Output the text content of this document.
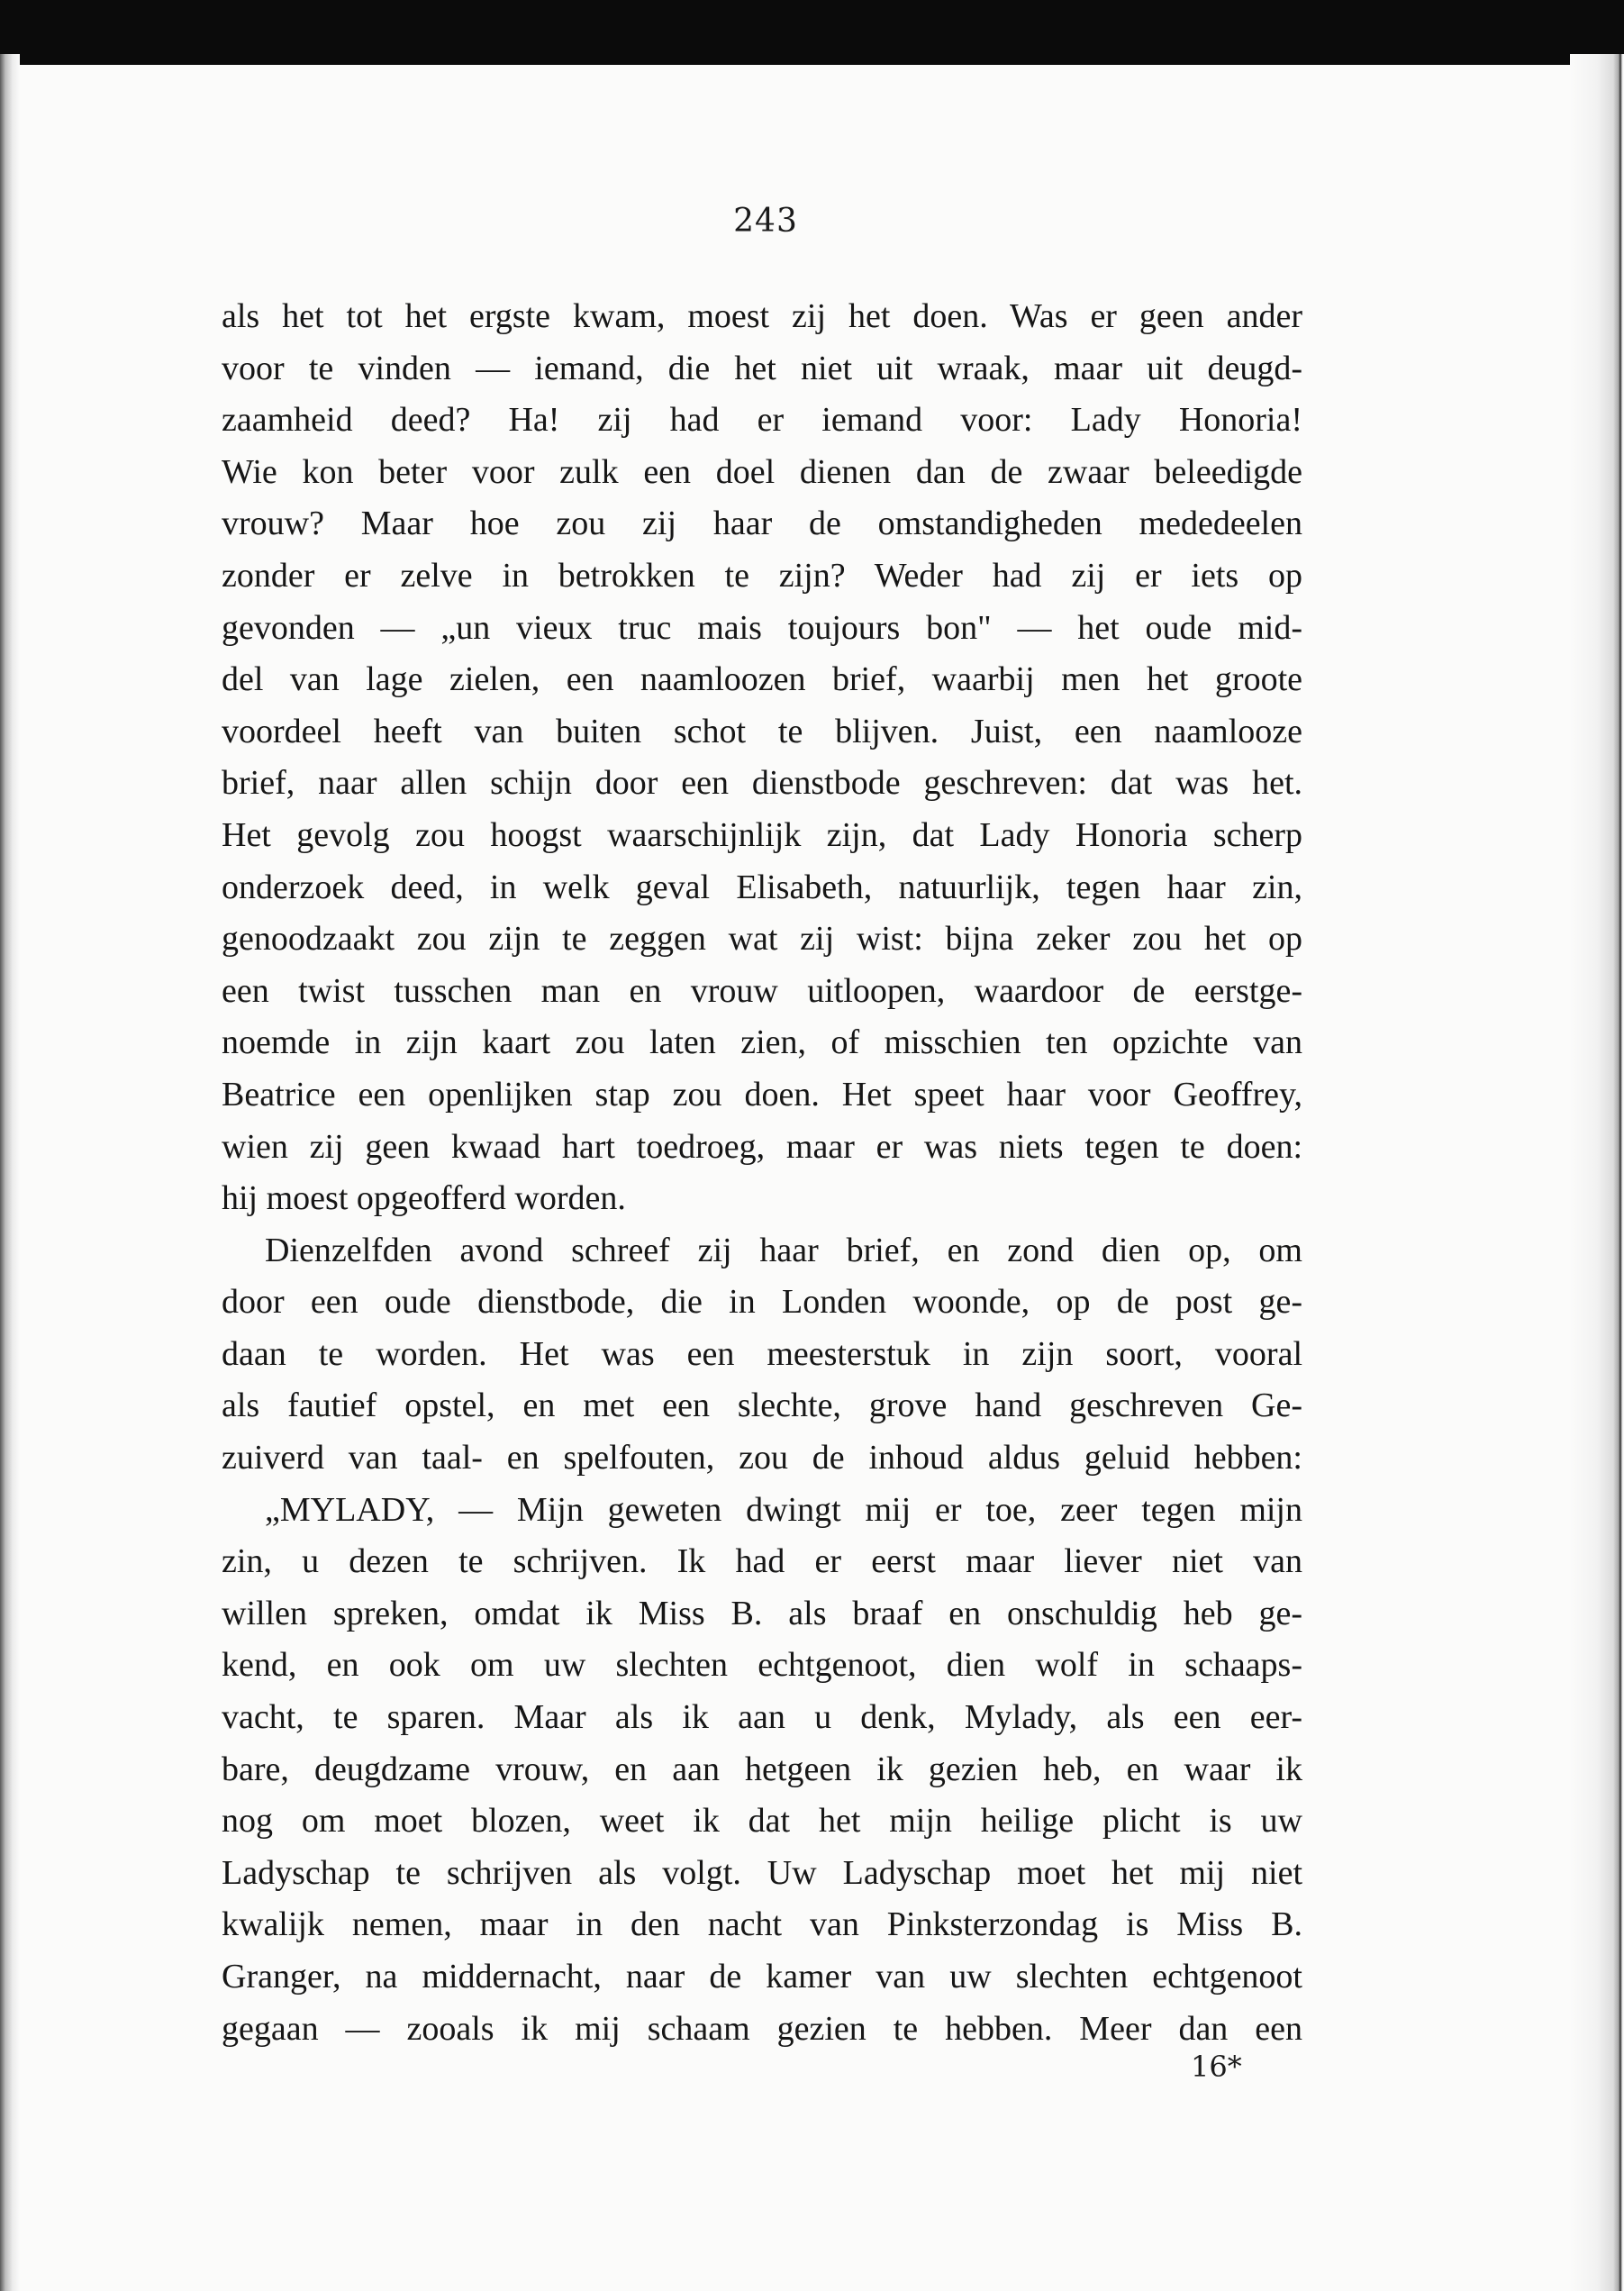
243
als het tot het ergste kwam, moest zij het doen. Was er geen ander
voor te vinden — iemand, die het niet uit wraak, maar uit deugd-
zaamheid deed? Ha! zij had er iemand voor: Lady Honoria!
Wie kon beter voor zulk een doel dienen dan de zwaar beleedigde
vrouw? Maar hoe zou zij haar de omstandigheden mededeelen
zonder er zelve in betrokken te zijn? Weder had zij er iets op
gevonden — „un vieux truc mais toujours bon" — het oude mid-
del van lage zielen, een naamloozen brief, waarbij men het groote
voordeel heeft van buiten schot te blijven. Juist, een naamlooze
brief, naar allen schijn door een dienstbode geschreven: dat was het.
Het gevolg zou hoogst waarschijnlijk zijn, dat Lady Honoria scherp
onderzoek deed, in welk geval Elisabeth, natuurlijk, tegen haar zin,
genoodzaakt zou zijn te zeggen wat zij wist: bijna zeker zou het op
een twist tusschen man en vrouw uitloopen, waardoor de eerstge-
noemde in zijn kaart zou laten zien, of misschien ten opzichte van
Beatrice een openlijken stap zou doen. Het speet haar voor Geoffrey,
wien zij geen kwaad hart toedroeg, maar er was niets tegen te doen:
hij moest opgeofferd worden.
Dienzelfden avond schreef zij haar brief, en zond dien op, om
door een oude dienstbode, die in Londen woonde, op de post ge-
daan te worden. Het was een meesterstuk in zijn soort, vooral
als fautief opstel, en met een slechte, grove hand geschreven Ge-
zuiverd van taal- en spelfouten, zou de inhoud aldus geluid hebben:
„MYLADY, — Mijn geweten dwingt mij er toe, zeer tegen mijn
zin, u dezen te schrijven. Ik had er eerst maar liever niet van
willen spreken, omdat ik Miss B. als braaf en onschuldig heb ge-
kend, en ook om uw slechten echtgenoot, dien wolf in schaaps-
vacht, te sparen. Maar als ik aan u denk, Mylady, als een eer-
bare, deugdzame vrouw, en aan hetgeen ik gezien heb, en waar ik
nog om moet blozen, weet ik dat het mijn heilige plicht is uw
Ladyschap te schrijven als volgt. Uw Ladyschap moet het mij niet
kwalijk nemen, maar in den nacht van Pinksterzondag is Miss B.
Granger, na middernacht, naar de kamer van uw slechten echtgenoot
gegaan — zooals ik mij schaam gezien te hebben. Meer dan een
16*
